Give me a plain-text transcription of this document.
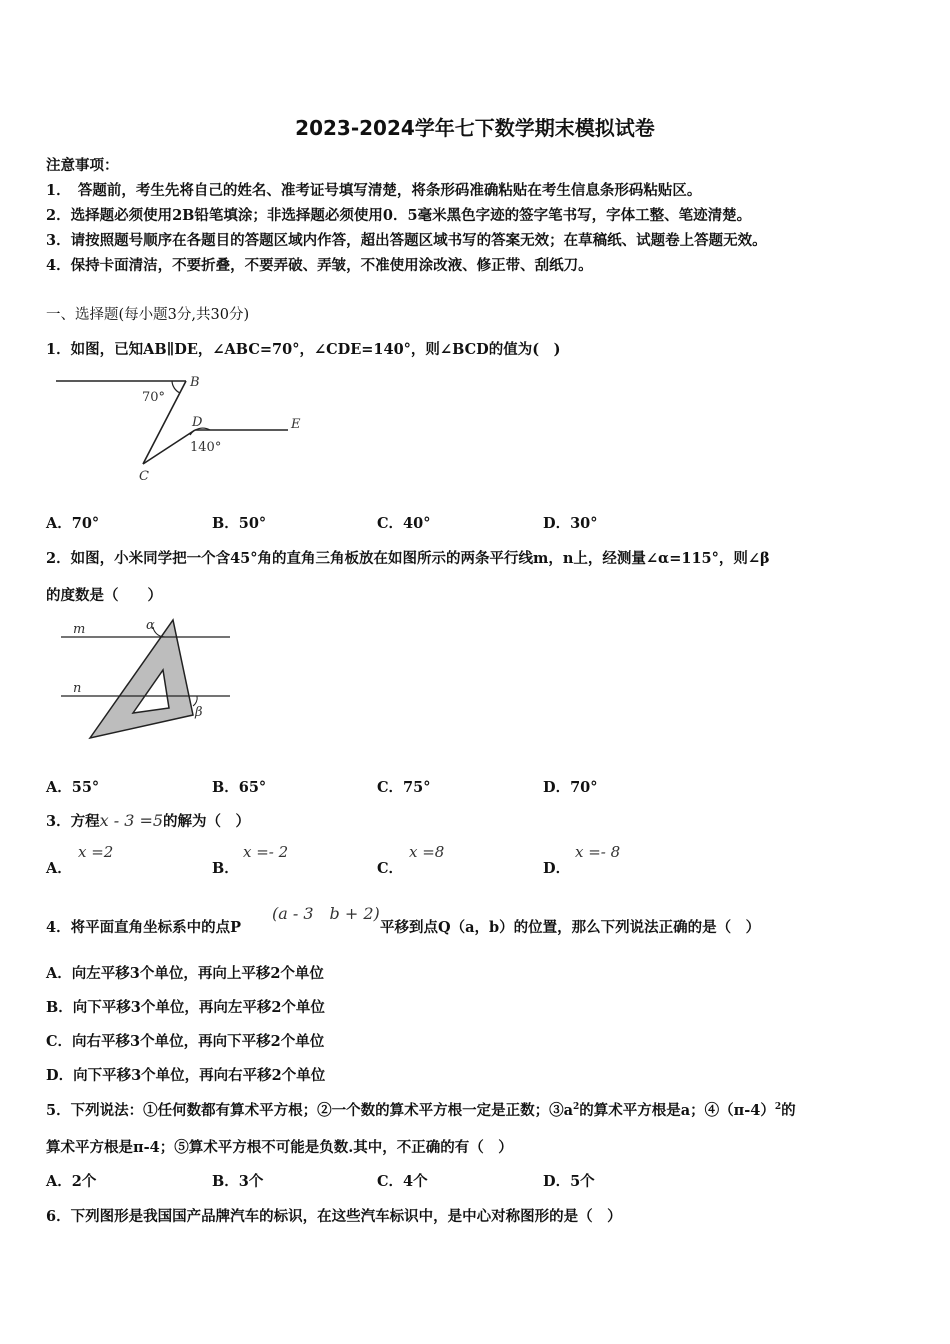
2023-2024学年七下数学期末模拟试卷
注意事项：
1．　答题前，考生先将自己的姓名、准考证号填写清楚，将条形码准确粘贴在考生信息条形码粘贴区。
2．选择题必须使用2B铅笔填涂；非选择题必须使用0．5毫米黑色字迹的签字笔书写，字体工整、笔迹清楚。
3．请按照题号顺序在各题目的答题区域内作答，超出答题区域书写的答案无效；在草稿纸、试题卷上答题无效。
4．保持卡面清洁，不要折叠，不要弄破、弄皱，不准使用涂改液、修正带、刮纸刀。
一、选择题(每小题3分,共30分)
1．如图，已知AB∥DE，∠ABC=70°，∠CDE=140°，则∠BCD的值为(　)
B
D	E
C
70°
140°
A．70°	B．50°	C．40°	D．30°
2．如图，小米同学把一个含45°角的直角三角板放在如图所示的两条平行线m，n上，经测量∠α=115°，则∠β
的度数是（　　）
m
n
α
β
A．55°	B．65°	C．75°	D．70°
3．方程x - 3 =5的解为（　）
A．
x =2
B．
x =- 2
C．
x =8
D．
x =- 8
4．将平面直角坐标系中的点P
(a - 3　b + 2)
平移到点Q（a，b）的位置，那么下列说法正确的是（　）
A．向左平移3个单位，再向上平移2个单位
B．向下平移3个单位，再向左平移2个单位
C．向右平移3个单位，再向下平移2个单位
D．向下平移3个单位，再向右平移2个单位
5．下列说法：①任何数都有算术平方根；②一个数的算术平方根一定是正数；$③a^2$的算术平方根是a；$④(\pi-4)^2$的
算术平方根是π-4；⑤算术平方根不可能是负数.其中，不正确的有（　）
A．2个	B．3个	C．4个	D．5个
6．下列图形是我国国产品牌汽车的标识，在这些汽车标识中，是中心对称图形的是（　）
